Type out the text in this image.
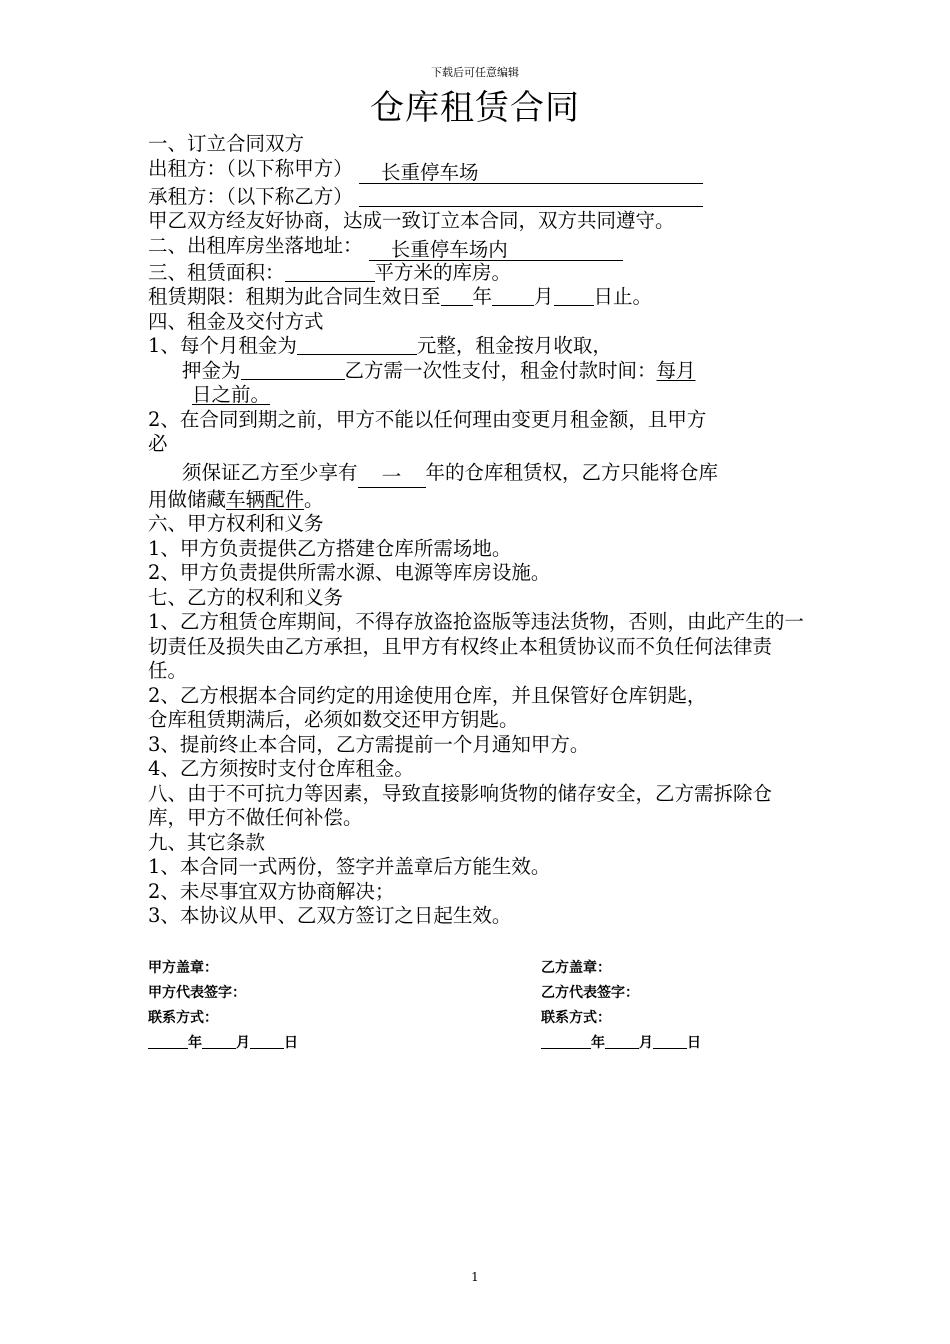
下载后可任意编辑
仓库租赁合同

一、订立合同双方

出租方：（以下称甲方） 长重停车场

承租方：（以下称乙方）

甲乙双方经友好协商，达成一致订立本合同，双方共同遵守。

二、出租库房坐落地址： 长重停车场内

三、租赁面积：	平方米的库房。

租赁期限：租期为此合同生效日至 年 月 日止。

四、租金及交付方式

1、每个月租金为	元整，租金按月收取，

押金为	乙方需一次性支付，租金付款时间：每月

日之前。

2、在合同到期之前，甲方不能以任何理由变更月租金额，且甲方

必

须保证乙方至少享有 一 年的仓库租赁权，乙方只能将仓库

用做储藏车辆配件。

六、甲方权利和义务

1、甲方负责提供乙方搭建仓库所需场地。

2、甲方负责提供所需水源、电源等库房设施。

七、乙方的权利和义务

1、乙方租赁仓库期间，不得存放盗抢盗版等违法货物，否则，由此产生的一切责任及损失由乙方承担，且甲方有权终止本租赁协议而不负任何法律责任。

2、乙方根据本合同约定的用途使用仓库，并且保管好仓库钥匙，

仓库租赁期满后，必须如数交还甲方钥匙。

3、提前终止本合同，乙方需提前一个月通知甲方。

4、乙方须按时支付仓库租金。

八、由于不可抗力等因素，导致直接影响货物的储存安全，乙方需拆除仓库，甲方不做任何补偿。

九、其它条款

1、本合同一式两份，签字并盖章后方能生效。

2、未尽事宜双方协商解决；

3、本协议从甲、乙双方签订之日起生效。

甲方盖章：

甲方代表签字：

联系方式：

年 月 日

乙方盖章：

乙方代表签字：

联系方式：

年 月 日

1
